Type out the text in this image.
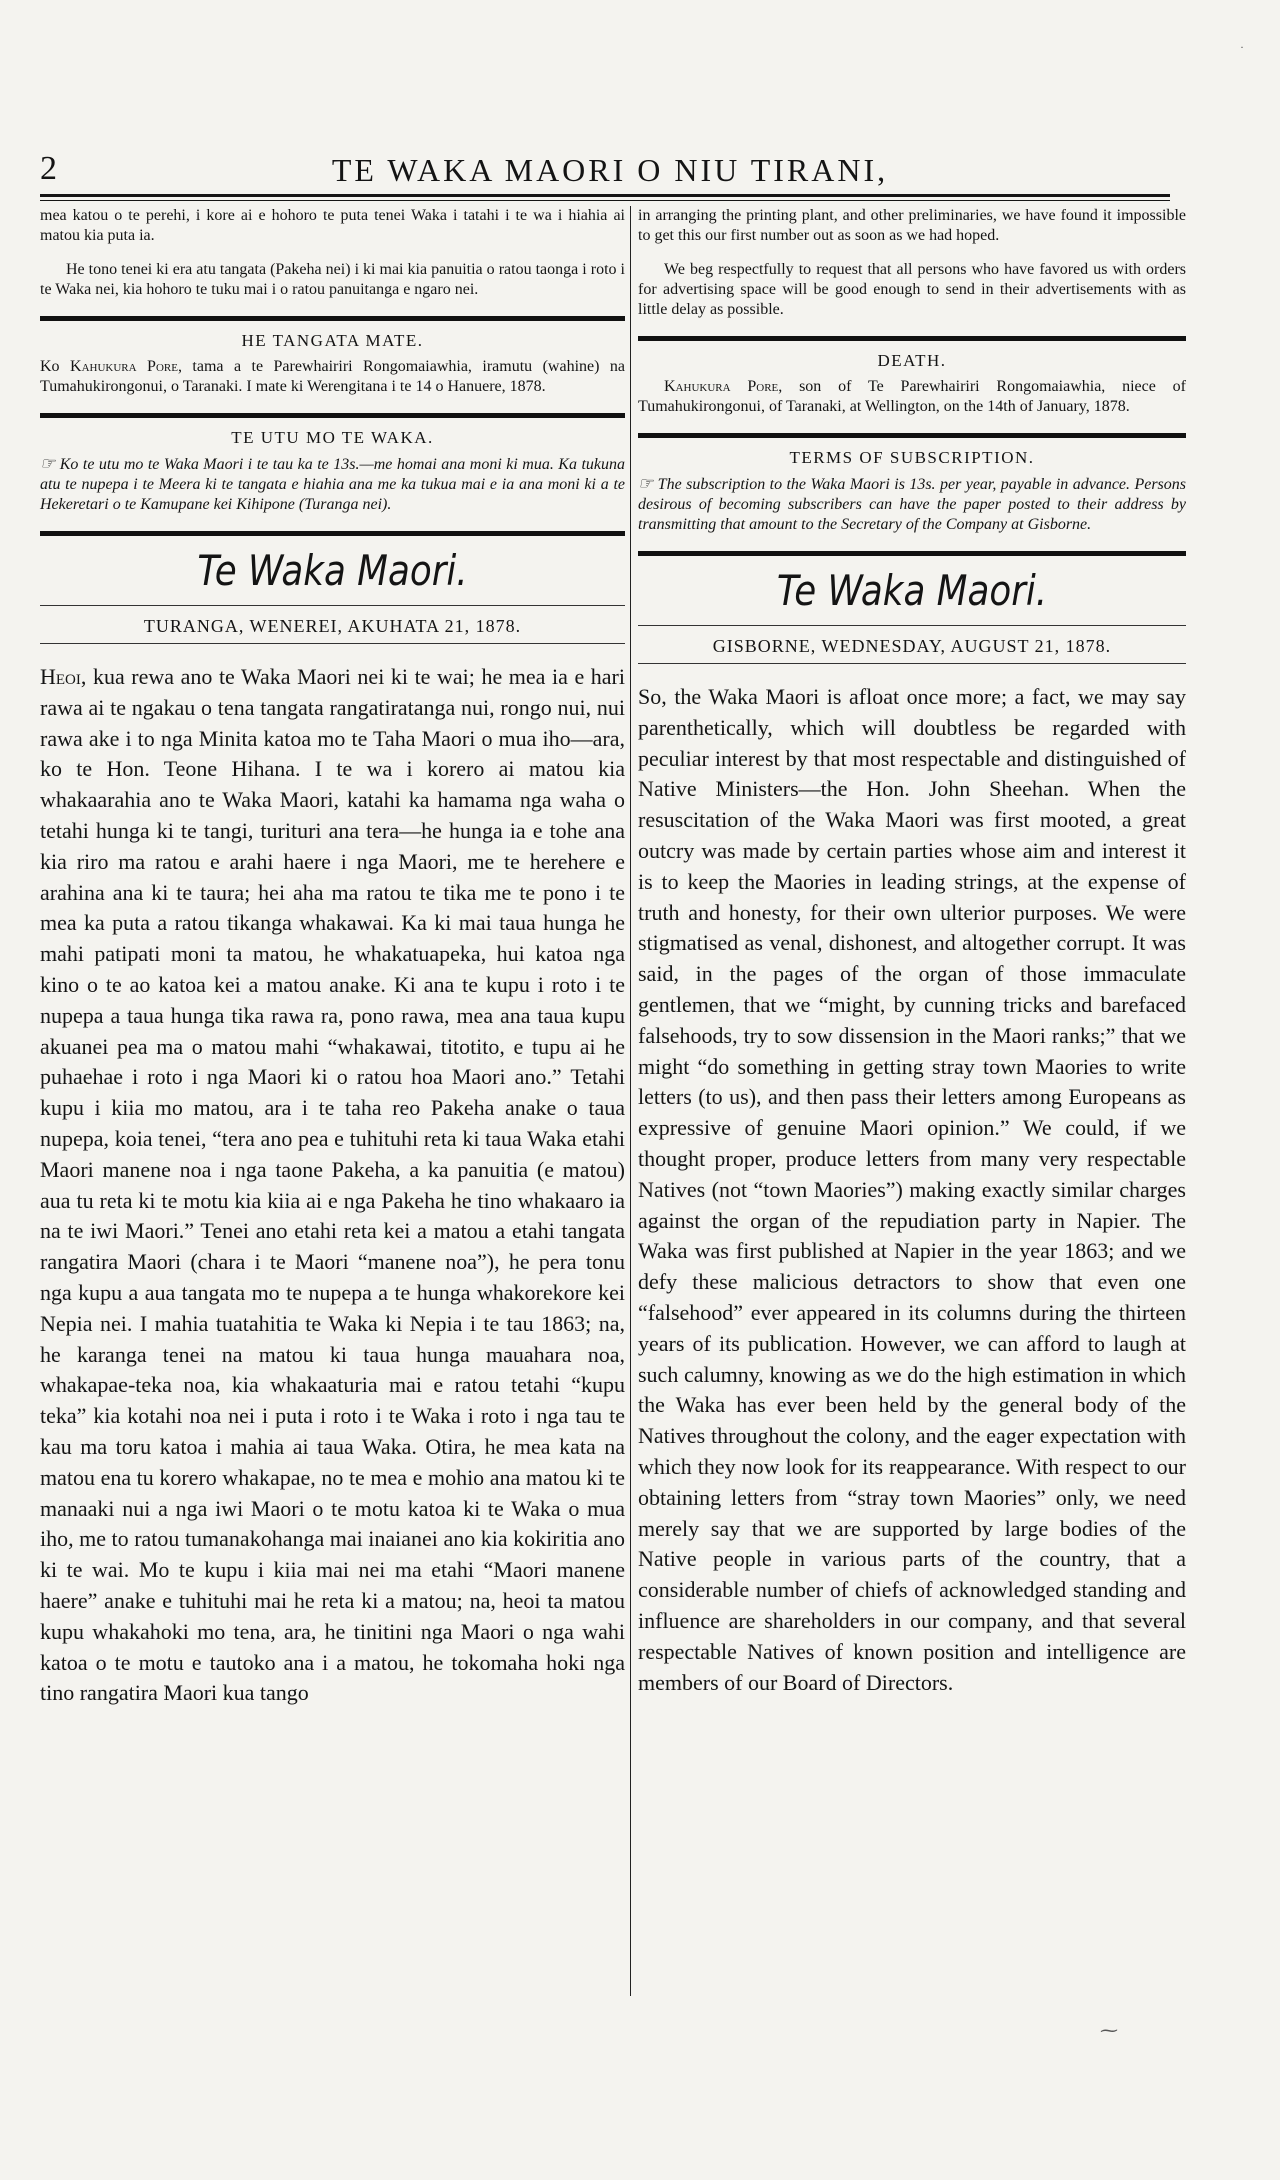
2	TE WAKA MAORI O NIU TIRANI,

mea katou o te perehi, i kore ai e hohoro te puta tenei Waka i tatahi i te wa i hiahia ai matou kia puta ia.

He tono tenei ki era atu tangata (Pakeha nei) i ki mai kia panuitia o ratou taonga i roto i te Waka nei, kia hohoro te tuku mai i o ratou panuitanga e ngaro nei.

HE TANGATA MATE.

Ko Kahukura Pore, tama a te Parewhairiri Rongomaiawhia, iramutu (wahine) na Tumahukirongonui, o Taranaki. I mate ki Werengitana i te 14 o Hanuere, 1878.

TE UTU MO TE WAKA.

☞ Ko te utu mo te Waka Maori i te tau ka te 13s.—me homai ana moni ki mua. Ka tukuna atu te nupepa i te Meera ki te tangata e hiahia ana me ka tukua mai e ia ana moni ki a te Hekeretari o te Kamupane kei Kihipone (Turanga nei).

Te Waka Maori.
TURANGA, WENEREI, AKUHATA 21, 1878.

Heoi, kua rewa ano te Waka Maori nei ki te wai; he mea ia e hari rawa ai te ngakau o tena tangata rangatiratanga nui, rongo nui, nui rawa ake i to nga Minita katoa mo te Taha Maori o mua iho—ara, ko te Hon. Teone Hihana. I te wa i korero ai matou kia whakaarahia ano te Waka Maori, katahi ka hamama nga waha o tetahi hunga ki te tangi, turituri ana tera—he hunga ia e tohe ana kia riro ma ratou e arahi haere i nga Maori, me te herehere e arahina ana ki te taura; hei aha ma ratou te tika me te pono i te mea ka puta a ratou tikanga whakawai. Ka ki mai taua hunga he mahi patipati moni ta matou, he whakatuapeka, hui katoa nga kino o te ao katoa kei a matou anake. Ki ana te kupu i roto i te nupepa a taua hunga tika rawa ra, pono rawa, mea ana taua kupu akuanei pea ma o matou mahi “whakawai, titotito, e tupu ai he puhaehae i roto i nga Maori ki o ratou hoa Maori ano.” Tetahi kupu i kiia mo matou, ara i te taha reo Pakeha anake o taua nupepa, koia tenei, “tera ano pea e tuhituhi reta ki taua Waka etahi Maori manene noa i nga taone Pakeha, a ka panuitia (e matou) aua tu reta ki te motu kia kiia ai e nga Pakeha he tino whakaaro ia na te iwi Maori.” Tenei ano etahi reta kei a matou a etahi tangata rangatira Maori (chara i te Maori “manene noa”), he pera tonu nga kupu a aua tangata mo te nupepa a te hunga whakorekore kei Nepia nei. I mahia tuatahitia te Waka ki Nepia i te tau 1863; na, he karanga tenei na matou ki taua hunga mauahara noa, whakapae-teka noa, kia whakaaturia mai e ratou tetahi “kupu teka” kia kotahi noa nei i puta i roto i te Waka i roto i nga tau te kau ma toru katoa i mahia ai taua Waka. Otira, he mea kata na matou ena tu korero whakapae, no te mea e mohio ana matou ki te manaaki nui a nga iwi Maori o te motu katoa ki te Waka o mua iho, me to ratou tumanakohanga mai inaianei ano kia kokiritia ano ki te wai. Mo te kupu i kiia mai nei ma etahi “Maori manene haere” anake e tuhituhi mai he reta ki a matou; na, heoi ta matou kupu whakahoki mo tena, ara, he tinitini nga Maori o nga wahi katoa o te motu e tautoko ana i a matou, he tokomaha hoki nga tino rangatira Maori kua tango

in arranging the printing plant, and other preliminaries, we have found it impossible to get this our first number out as soon as we had hoped.

We beg respectfully to request that all persons who have favored us with orders for advertising space will be good enough to send in their advertisements with as little delay as possible.

DEATH.

Kahukura Pore, son of Te Parewhairiri Rongomaiawhia, niece of Tumahukirongonui, of Taranaki, at Wellington, on the 14th of January, 1878.

TERMS OF SUBSCRIPTION.

☞ The subscription to the Waka Maori is 13s. per year, payable in advance. Persons desirous of becoming subscribers can have the paper posted to their address by transmitting that amount to the Secretary of the Company at Gisborne.

Te Waka Maori.
GISBORNE, WEDNESDAY, AUGUST 21, 1878.

So, the Waka Maori is afloat once more; a fact, we may say parenthetically, which will doubtless be regarded with peculiar interest by that most respectable and distinguished of Native Ministers—the Hon. John Sheehan. When the resuscitation of the Waka Maori was first mooted, a great outcry was made by certain parties whose aim and interest it is to keep the Maories in leading strings, at the expense of truth and honesty, for their own ulterior purposes. We were stigmatised as venal, dishonest, and altogether corrupt. It was said, in the pages of the organ of those immaculate gentlemen, that we “might, by cunning tricks and barefaced falsehoods, try to sow dissension in the Maori ranks;” that we might “do something in getting stray town Maories to write letters (to us), and then pass their letters among Europeans as expressive of genuine Maori opinion.” We could, if we thought proper, produce letters from many very respectable Natives (not “town Maories”) making exactly similar charges against the organ of the repudiation party in Napier. The Waka was first published at Napier in the year 1863; and we defy these malicious detractors to show that even one “falsehood” ever appeared in its columns during the thirteen years of its publication. However, we can afford to laugh at such calumny, knowing as we do the high estimation in which the Waka has ever been held by the general body of the Natives throughout the colony, and the eager expectation with which they now look for its reappearance. With respect to our obtaining letters from “stray town Maories” only, we need merely say that we are supported by large bodies of the Native people in various parts of the country, that a considerable number of chiefs of acknowledged standing and influence are shareholders in our company, and that several respectable Natives of known position and intelligence are members of our Board of Directors.

·
⁓
